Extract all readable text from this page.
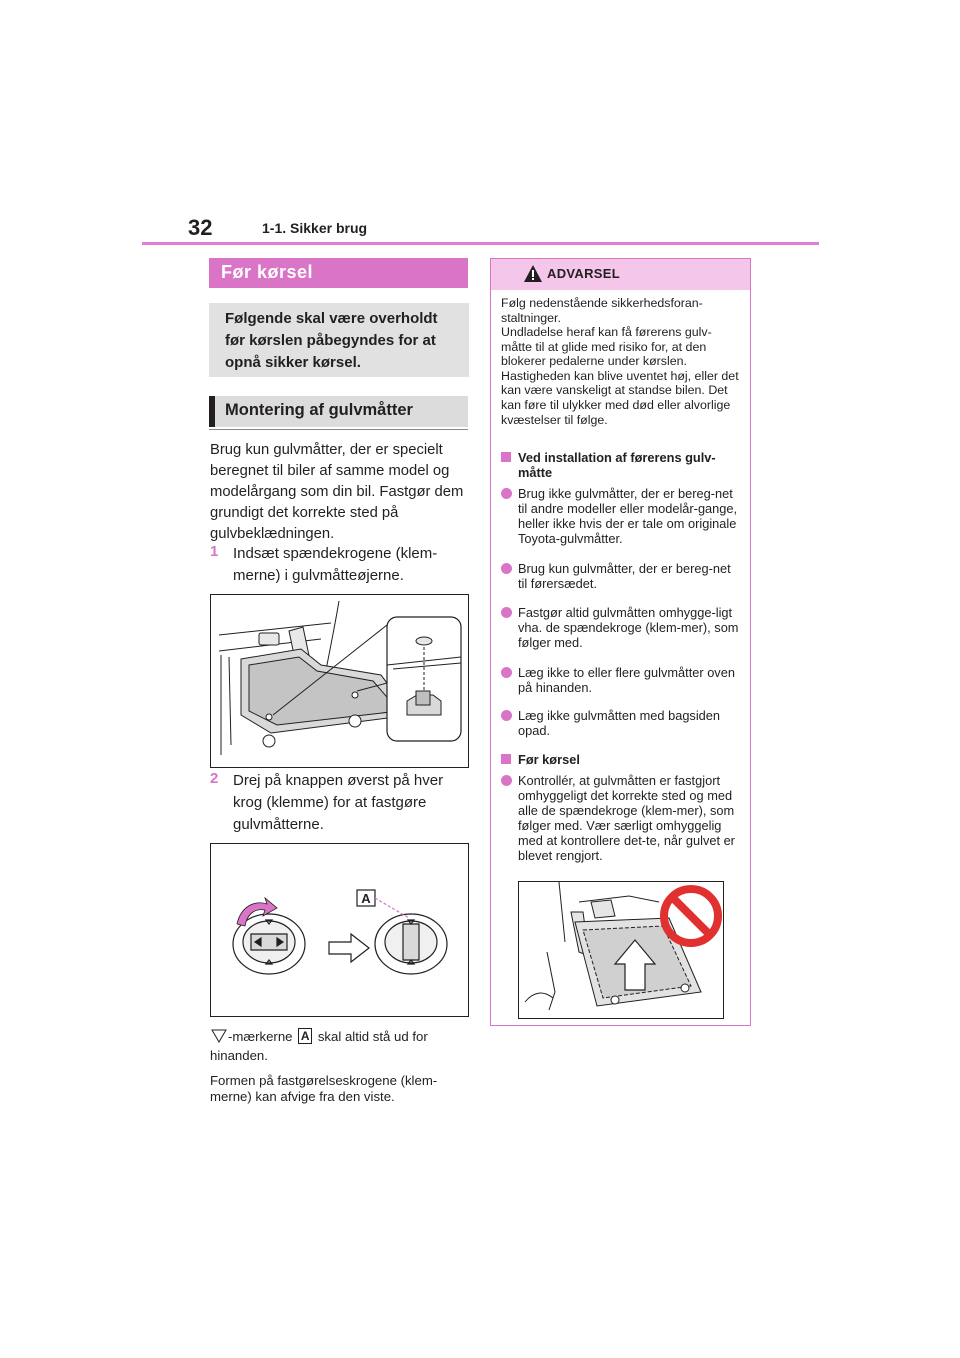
32	1-1. Sikker brug
Før kørsel
Følgende skal være overholdt før kørslen påbegyndes for at opnå sikker kørsel.
Montering af gulvmåtter
Brug kun gulvmåtter, der er specielt beregnet til biler af samme model og modelårgang som din bil. Fastgør dem grundigt det korrekte sted på gulvbeklædningen.
1 Indsæt spændekrogene (klem-merne) i gulvmåtteøjerne.
2 Drej på knappen øverst på hver krog (klemme) for at fastgøre gulvmåtterne.
A
-mærkerne A skal altid stå ud for hinanden.
Formen på fastgørelseskrogene (klem-merne) kan afvige fra den viste.
ADVARSEL
Følg nedenstående sikkerhedsforan-staltninger.
Undladelse heraf kan få førerens gulv-måtte til at glide med risiko for, at den blokerer pedalerne under kørslen. Hastigheden kan blive uventet høj, eller det kan være vanskeligt at standse bilen. Det kan føre til ulykker med død eller alvorlige kvæstelser til følge.
Ved installation af førerens gulv-måtte
Brug ikke gulvmåtter, der er bereg-net til andre modeller eller modelår-gange, heller ikke hvis der er tale om originale Toyota-gulvmåtter.
Brug kun gulvmåtter, der er bereg-net til førersædet.
Fastgør altid gulvmåtten omhygge-ligt vha. de spændekroge (klem-mer), som følger med.
Læg ikke to eller flere gulvmåtter oven på hinanden.
Læg ikke gulvmåtten med bagsiden opad.
Før kørsel
Kontrollér, at gulvmåtten er fastgjort omhyggeligt det korrekte sted og med alle de spændekroge (klem-mer), som følger med. Vær særligt omhyggelig med at kontrollere det-te, når gulvet er blevet rengjort.
